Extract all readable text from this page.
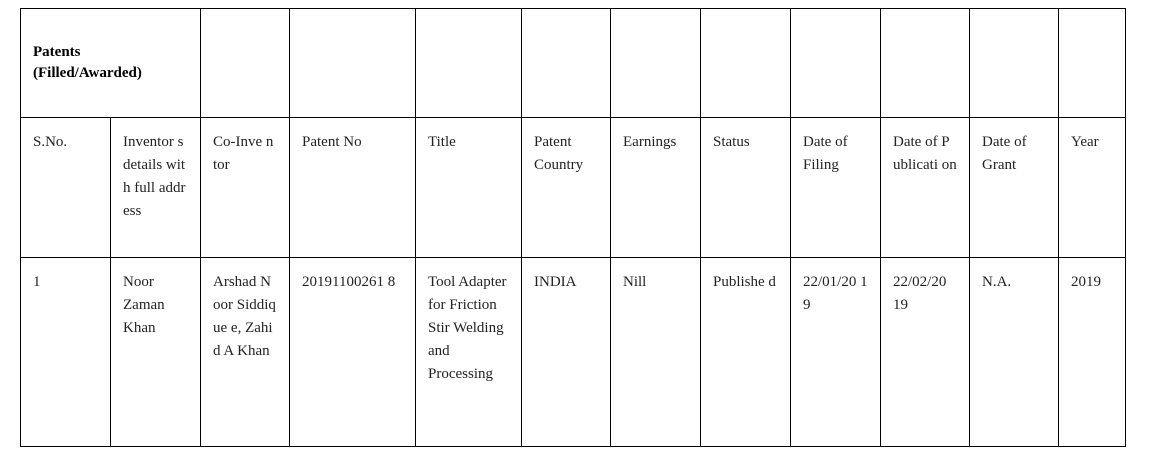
Patents
(Filled/Awarded)											

S.No.	Inventor s details with full address	Co-Inve ntor	Patent No	Title	Patent Country	Earnings	Status	Date of Filing	Date of Publicati on	Date of Grant	Year
1	Noor Zaman Khan	Arshad Noor Siddique e, Zahid A Khan	20191100261 8	Tool Adapter for Friction Stir Welding and Processing	INDIA	Nill	Publishe d	22/01/20 19	22/02/20 19	N.A.	2019
